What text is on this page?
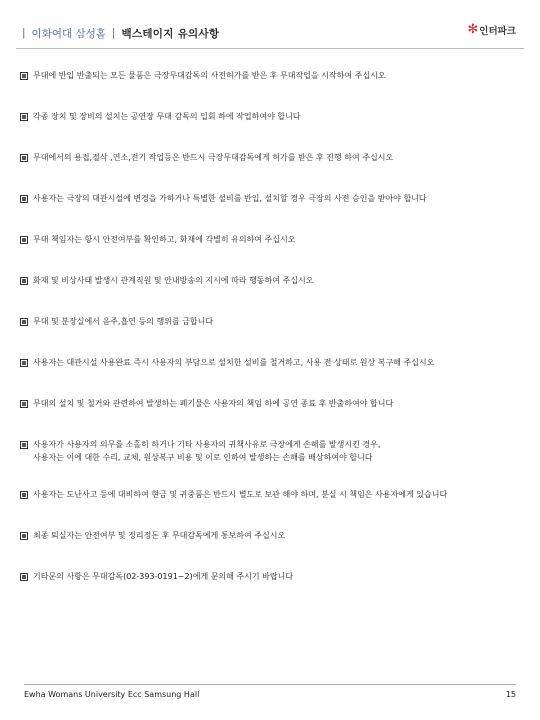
| 이화여대 삼성홀 | 백스테이지 유의사항	✻ 인터파크
무대에 반입 반출되는 모든 물품은 극장무대감독의 사전허가를 받은 후 무대작업을 시작하여 주십시오
각종 장치 및 장비의 설치는 공연장 무대 감독의 입회 하에 작업하여야 합니다
무대에서의 용접,절삭 ,연소,전기 작업등은 반드시 극장무대감독에게 허가를 받은 후 진행 하여 주십시오
사용자는 극장의 대관시설에 변경을 가하거나 특별한 설비를 반입, 설치할 경우 극장의 사전 승인을 받아야 합니다
무대 책임자는 항시 안전여부를 확인하고, 화재에 각별히 유의하여 주십시오
화재 및 비상사태 발생시 관계직원 및 안내방송의 지시에 따라 행동하여 주십시오
무대 및 분장실에서 음주,흡연 등의 행위를 금합니다
사용자는 대관시설 사용완료 즉시 사용자의 부담으로 설치한 설비를 철거하고, 사용 전 상태로 원상 복구해 주십시오
무대의 설치 및 철거와 관련하여 발생하는 폐기물은 사용자의 책임 하에 공연 종료 후 반출하여야 합니다
사용자가 사용자의 의무를 소홀히 하거나 기타 사용자의 귀책사유로 극장에게 손해를 발생시킨 경우,
사용자는 이에 대한 수리, 교체, 원상복구 비용 및 이로 인하여 발생하는 손해를 배상하여야 합니다
사용자는 도난사고 등에 대비하여 현금 및 귀중품은 반드시 별도로 보관 해야 하며, 분실 시 책임은 사용자에게 있습니다
최종 퇴실자는 안전여부 및 정리정돈 후 무대감독에게 통보하여 주십시오
기타문의 사항은 무대감독(02-393-0191~2)에게 문의해 주시기 바랍니다
Ewha Womans University Ecc Samsung Hall	15
